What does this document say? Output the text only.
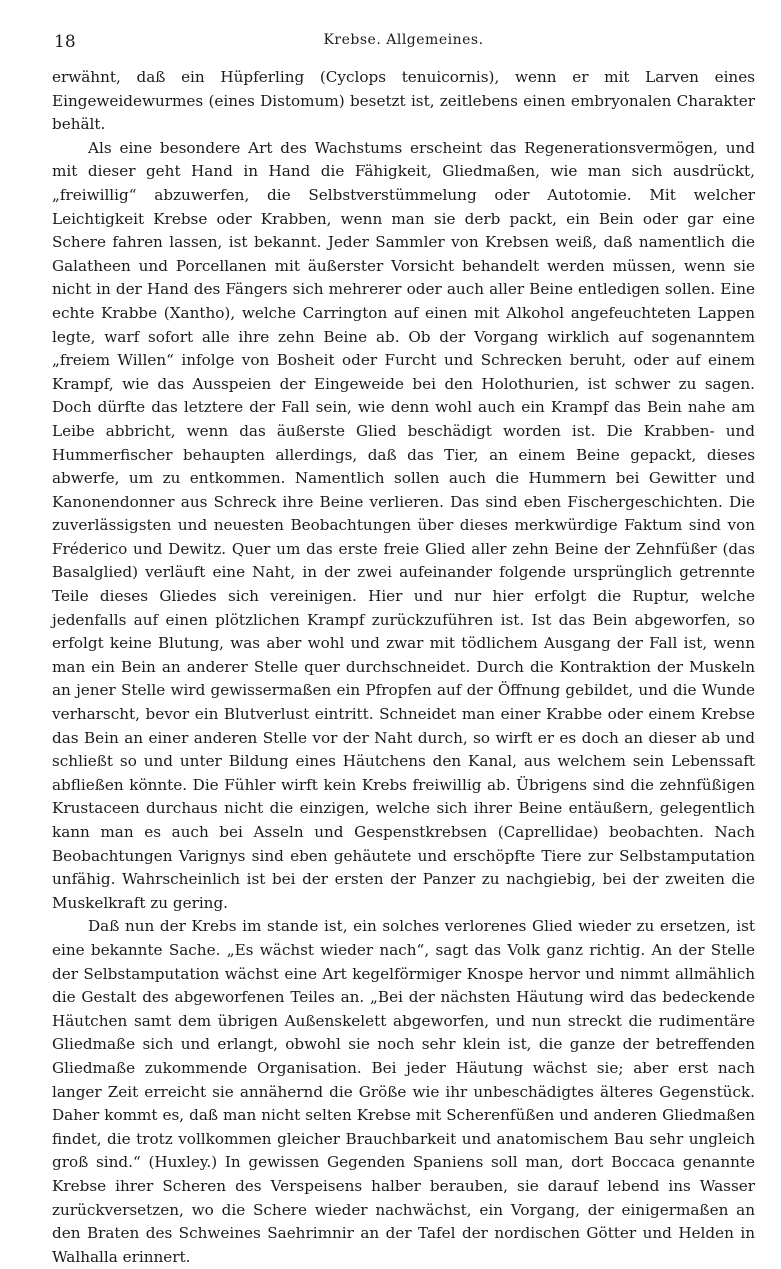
18	Krebse. Allgemeines.

erwähnt, daß ein Hüpferling (Cyclops tenuicornis), wenn er mit Larven eines Eingeweidewurmes (eines Distomum) besetzt ist, zeitlebens einen embryonalen Charakter behält.

Als eine besondere Art des Wachstums erscheint das Regenerationsvermögen, und mit dieser geht Hand in Hand die Fähigkeit, Gliedmaßen, wie man sich ausdrückt, „freiwillig“ abzuwerfen, die Selbstverstümmelung oder Autotomie. Mit welcher Leichtigkeit Krebse oder Krabben, wenn man sie derb packt, ein Bein oder gar eine Schere fahren lassen, ist bekannt. Jeder Sammler von Krebsen weiß, daß namentlich die Galatheen und Porcellanen mit äußerster Vorsicht behandelt werden müssen, wenn sie nicht in der Hand des Fängers sich mehrerer oder auch aller Beine entledigen sollen. Eine echte Krabbe (Xantho), welche Carrington auf einen mit Alkohol angefeuchteten Lappen legte, warf sofort alle ihre zehn Beine ab. Ob der Vorgang wirklich auf sogenanntem „freiem Willen“ infolge von Bosheit oder Furcht und Schrecken beruht, oder auf einem Krampf, wie das Ausspeien der Eingeweide bei den Holothurien, ist schwer zu sagen. Doch dürfte das letztere der Fall sein, wie denn wohl auch ein Krampf das Bein nahe am Leibe abbricht, wenn das äußerste Glied beschädigt worden ist. Die Krabben- und Hummerfischer behaupten allerdings, daß das Tier, an einem Beine gepackt, dieses abwerfe, um zu entkommen. Namentlich sollen auch die Hummern bei Gewitter und Kanonendonner aus Schreck ihre Beine verlieren. Das sind eben Fischergeschichten. Die zuverlässigsten und neuesten Beobachtungen über dieses merkwürdige Faktum sind von Fréderico und Dewitz. Quer um das erste freie Glied aller zehn Beine der Zehnfüßer (das Basalglied) verläuft eine Naht, in der zwei aufeinander folgende ursprünglich getrennte Teile dieses Gliedes sich vereinigen. Hier und nur hier erfolgt die Ruptur, welche jedenfalls auf einen plötzlichen Krampf zurückzuführen ist. Ist das Bein abgeworfen, so erfolgt keine Blutung, was aber wohl und zwar mit tödlichem Ausgang der Fall ist, wenn man ein Bein an anderer Stelle quer durchschneidet. Durch die Kontraktion der Muskeln an jener Stelle wird gewissermaßen ein Pfropfen auf der Öffnung gebildet, und die Wunde verharscht, bevor ein Blutverlust eintritt. Schneidet man einer Krabbe oder einem Krebse das Bein an einer anderen Stelle vor der Naht durch, so wirft er es doch an dieser ab und schließt so und unter Bildung eines Häutchens den Kanal, aus welchem sein Lebenssaft abfließen könnte. Die Fühler wirft kein Krebs freiwillig ab. Übrigens sind die zehnfüßigen Krustaceen durchaus nicht die einzigen, welche sich ihrer Beine entäußern, gelegentlich kann man es auch bei Asseln und Gespenstkrebsen (Caprellidae) beobachten. Nach Beobachtungen Varignys sind eben gehäutete und erschöpfte Tiere zur Selbstamputation unfähig. Wahrscheinlich ist bei der ersten der Panzer zu nachgiebig, bei der zweiten die Muskelkraft zu gering.

Daß nun der Krebs im stande ist, ein solches verlorenes Glied wieder zu ersetzen, ist eine bekannte Sache. „Es wächst wieder nach“, sagt das Volk ganz richtig. An der Stelle der Selbstamputation wächst eine Art kegelförmiger Knospe hervor und nimmt allmählich die Gestalt des abgeworfenen Teiles an. „Bei der nächsten Häutung wird das bedeckende Häutchen samt dem übrigen Außenskelett abgeworfen, und nun streckt die rudimentäre Gliedmaße sich und erlangt, obwohl sie noch sehr klein ist, die ganze der betreffenden Gliedmaße zukommende Organisation. Bei jeder Häutung wächst sie; aber erst nach langer Zeit erreicht sie annähernd die Größe wie ihr unbeschädigtes älteres Gegenstück. Daher kommt es, daß man nicht selten Krebse mit Scherenfüßen und anderen Gliedmaßen findet, die trotz vollkommen gleicher Brauchbarkeit und anatomischem Bau sehr ungleich groß sind.“ (Huxley.) In gewissen Gegenden Spaniens soll man, dort Boccaca genannte Krebse ihrer Scheren des Verspeisens halber berauben, sie darauf lebend ins Wasser zurückversetzen, wo die Schere wieder nachwächst, ein Vorgang, der einigermaßen an den Braten des Schweines Saehrimnir an der Tafel der nordischen Götter und Helden in Walhalla erinnert.
